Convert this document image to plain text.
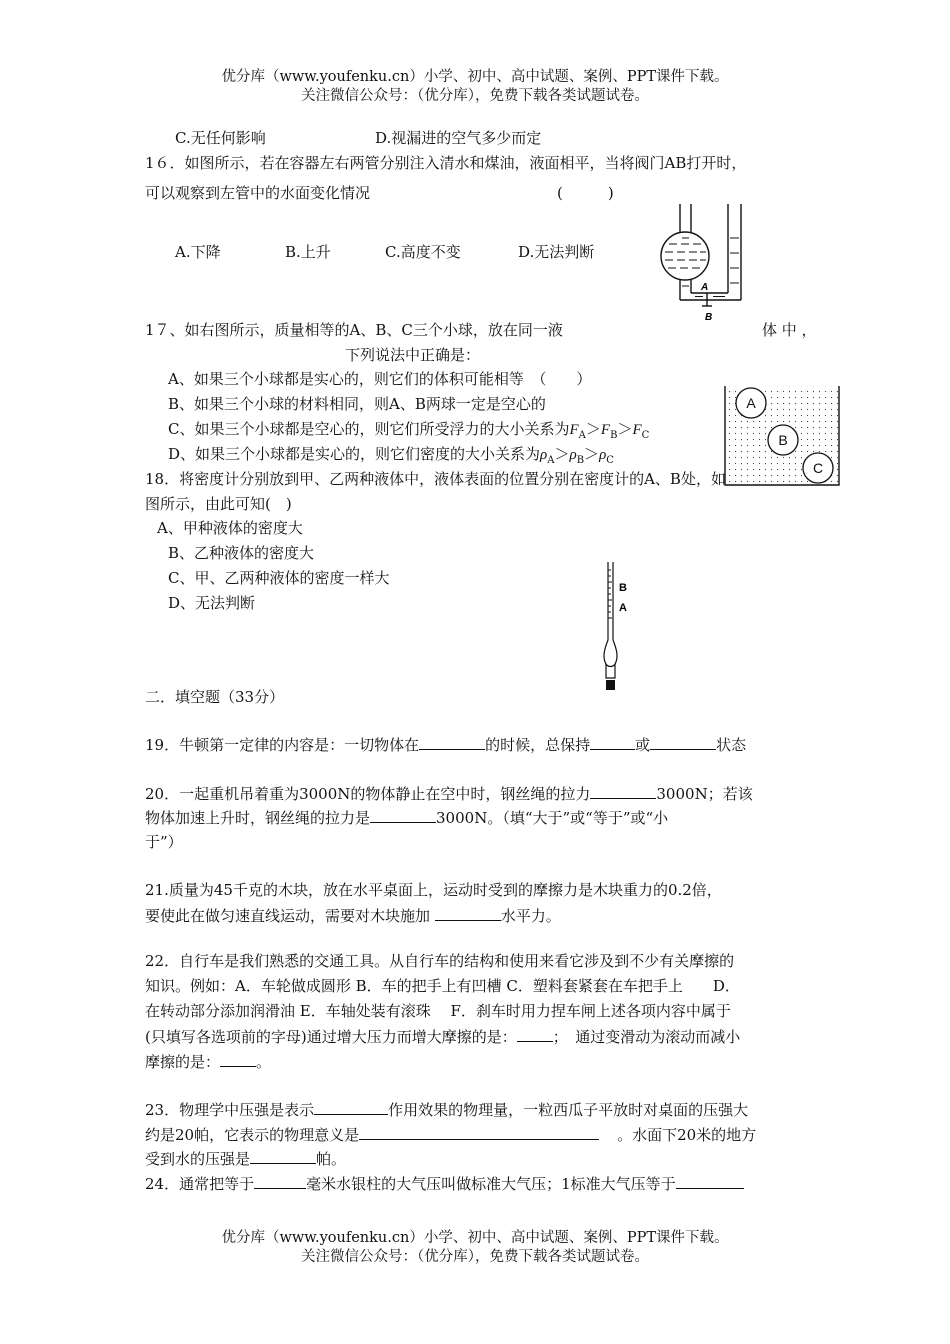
优分库（www.youfenku.cn）小学、初中、高中试题、案例、PPT课件下载。
关注微信公众号：（优分库），免费下载各类试题试卷。
C.无任何影响	D.视漏进的空气多少而定
1６．如图所示，若在容器左右两管分别注入清水和煤油，液面相平，当将阀门AB打开时，
可以观察到左管中的水面变化情况	(　　　)
A.下降	B.上升	C.高度不变	D.无法判断
A
B
1７、如右图所示，质量相等的A、B、C三个小球，放在同一液	体 中 ，
下列说法中正确是：
A、如果三个小球都是实心的，则它们的体积可能相等　（　　）
B、如果三个小球的材料相同，则A、B两球一定是空心的
C、如果三个小球都是空心的，则它们所受浮力的大小关系为$F_A>F_B>F_C$
D、如果三个小球都是实心的，则它们密度的大小关系为$\rho_A>\rho_B>\rho_C$
A
B
C
18．将密度计分别放到甲、乙两种液体中，液体表面的位置分别在密度计的A、B处，如
图所示，由此可知(　)
A、甲种液体的密度大
B、乙种液体的密度大
C、甲、乙两种液体的密度一样大
D、无法判断
B
A
二．填空题（33分）
19．牛顿第一定律的内容是：一切物体在	的时候，总保持	或	状态
20．一起重机吊着重为3000N的物体静止在空中时，钢丝绳的拉力	3000N；若该
物体加速上升时，钢丝绳的拉力是	3000N。（填“大于”或“等于”或“小
于”）
21.质量为45千克的木块，放在水平桌面上，运动时受到的摩擦力是木块重力的0.2倍，
要使此在做匀速直线运动，需要对木块施加	水平力。
22．自行车是我们熟悉的交通工具。从自行车的结构和使用来看它涉及到不少有关摩擦的
知识。例如：A．车轮做成圆形 B．车的把手上有凹槽 C．塑料套紧套在车把手上　　D．
在转动部分添加润滑油 E．车轴处装有滚珠　 F．刹车时用力捏车闸上述各项内容中属于
(只填写各选项前的字母)通过增大压力而增大摩擦的是： ；　通过变滑动为滚动而减小
摩擦的是： 。
23．物理学中压强是表示	作用效果的物理量，一粒西瓜子平放时对桌面的压强大
约是20帕，它表示的物理意义是	。水面下20米的地方
受到水的压强是	帕。
24．通常把等于	毫米水银柱的大气压叫做标准大气压；1标准大气压等于
优分库（www.youfenku.cn）小学、初中、高中试题、案例、PPT课件下载。
关注微信公众号：（优分库），免费下载各类试题试卷。
